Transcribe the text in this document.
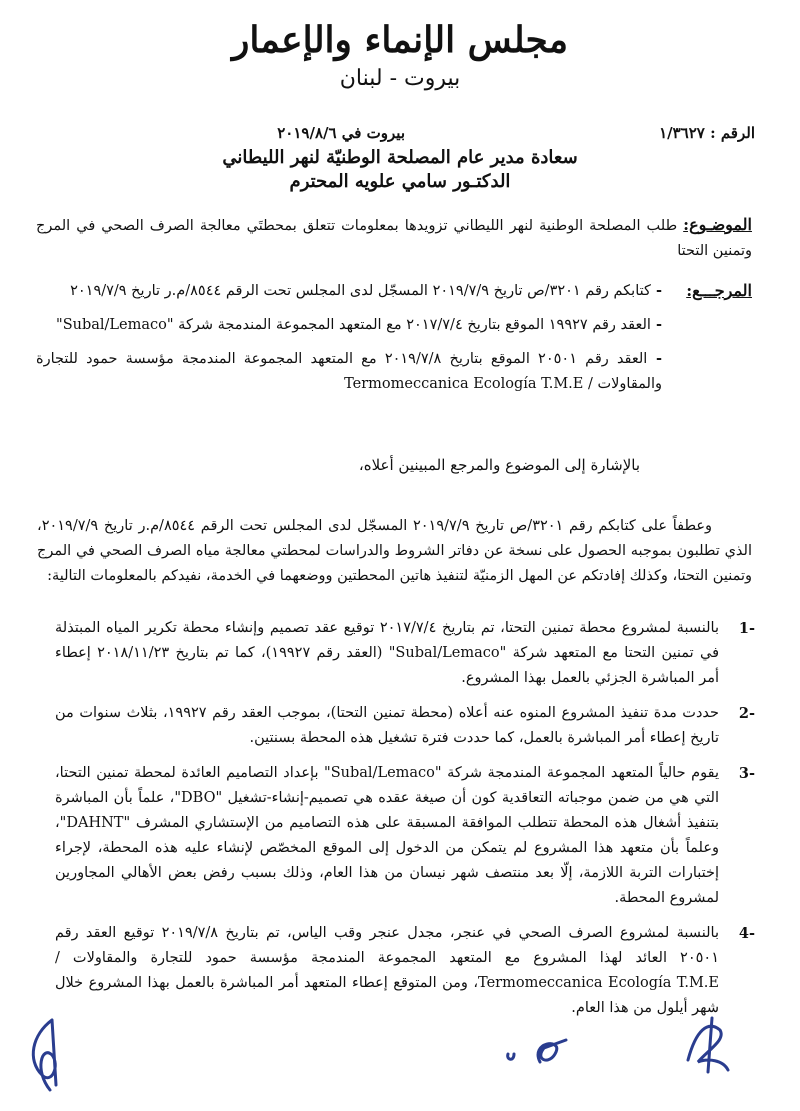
مجلس الإنماء والإعمار
بيروت - لبنان
الرقم : ١/٣٦٢٧
بيروت في ٢٠١٩/٨/٦
سعادة مدير عام المصلحة الوطنيّة لنهر الليطاني
الدكتـور سامي علويه المحترم
الموضـوع: طلب المصلحة الوطنية لنهر الليطاني تزويدها بمعلومات تتعلق بمحطتَي معالجة الصرف الصحي في المرج وتمنين التحتا
المرجـــع:
- كتابكم رقم ٣٢٠١/ص تاريخ ٢٠١٩/٧/٩ المسجّل لدى المجلس تحت الرقم ٨٥٤٤/م.ر تاريخ ٢٠١٩/٧/٩
- العقد رقم ١٩٩٢٧ الموقع بتاريخ ٢٠١٧/٧/٤ مع المتعهد المجموعة المندمجة شركة "Subal/Lemaco"
- العقد رقم ٢٠٥٠١ الموقع بتاريخ ٢٠١٩/٧/٨ مع المتعهد المجموعة المندمجة مؤسسة حمود للتجارة والمقاولات / Termomeccanica Ecología T.M.E
بالإشارة إلى الموضوع والمرجع المبينين أعلاه،
وعطفاً على كتابكم رقم ٣٢٠١/ص تاريخ ٢٠١٩/٧/٩ المسجّل لدى المجلس تحت الرقم ٨٥٤٤/م.ر تاريخ ٢٠١٩/٧/٩، الذي تطلبون بموجبه الحصول على نسخة عن دفاتر الشروط والدراسات لمحطتي معالجة مياه الصرف الصحي في المرج وتمنين التحتا، وكذلك إفادتكم عن المهل الزمنيّة لتنفيذ هاتين المحطتين ووضعهما في الخدمة، نفيدكم بالمعلومات التالية:
-1
بالنسبة لمشروع محطة تمنين التحتا، تم بتاريخ ٢٠١٧/٧/٤ توقيع عقد تصميم وإنشاء محطة تكرير المياه المبتذلة في تمنين التحتا مع المتعهد شركة "Subal/Lemaco" (العقد رقم ١٩٩٢٧)، كما تم بتاريخ ٢٠١٨/١١/٢٣ إعطاء أمر المباشرة الجزئي بالعمل بهذا المشروع.
-2
حددت مدة تنفيذ المشروع المنوه عنه أعلاه (محطة تمنين التحتا)، بموجب العقد رقم ١٩٩٢٧، بثلاث سنوات من تاريخ إعطاء أمر المباشرة بالعمل، كما حددت فترة تشغيل هذه المحطة بسنتين.
-3
يقوم حالياً المتعهد المجموعة المندمجة شركة "Subal/Lemaco" بإعداد التصاميم العائدة لمحطة تمنين التحتا، التي هي من ضمن موجباته التعاقدية كون أن صيغة عقده هي تصميم-إنشاء-تشغيل "DBO"، علماً بأن المباشرة بتنفيذ أشغال هذه المحطة تتطلب الموافقة المسبقة على هذه التصاميم من الإستشاري المشرف "DAHNT"، وعلماً بأن متعهد هذا المشروع لم يتمكن من الدخول إلى الموقع المخصّص لإنشاء عليه هذه المحطة، لإجراء إختبارات التربة اللازمة، إلّا بعد منتصف شهر نيسان من هذا العام، وذلك بسبب رفض بعض الأهالي المجاورين لمشروع المحطة.
-4
بالنسبة لمشروع الصرف الصحي في عنجر، مجدل عنجر وقب الياس، تم بتاريخ ٢٠١٩/٧/٨ توقيع العقد رقم ٢٠٥٠١ العائد لهذا المشروع مع المتعهد المجموعة المندمجة مؤسسة حمود للتجارة والمقاولات / Termomeccanica Ecología T.M.E، ومن المتوقع إعطاء المتعهد أمر المباشرة بالعمل بهذا المشروع خلال شهر أيلول من هذا العام.
